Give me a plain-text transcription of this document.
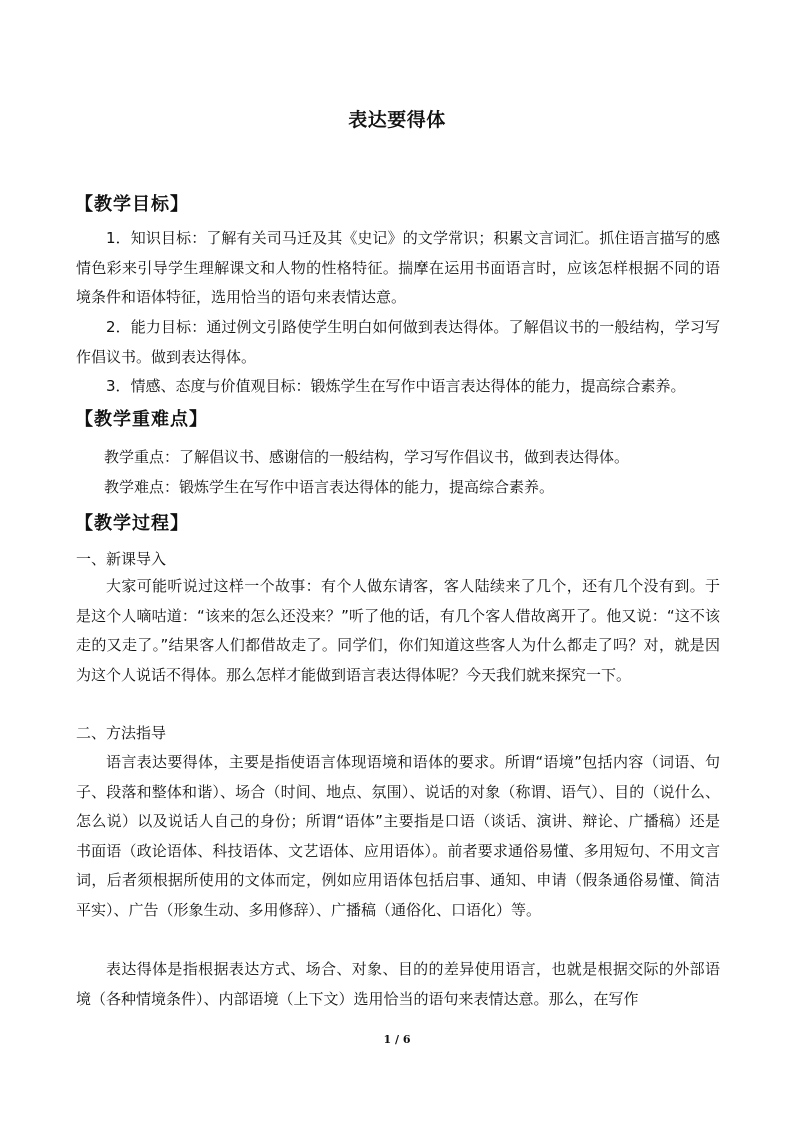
表达要得体
【教学目标】

1．知识目标：了解有关司马迁及其《史记》的文学常识；积累文言词汇。抓住语言描写的感情色彩来引导学生理解课文和人物的性格特征。揣摩在运用书面语言时，应该怎样根据不同的语境条件和语体特征，选用恰当的语句来表情达意。

2．能力目标：通过例文引路使学生明白如何做到表达得体。了解倡议书的一般结构，学习写作倡议书。做到表达得体。

3．情感、态度与价值观目标：锻炼学生在写作中语言表达得体的能力，提高综合素养。

【教学重难点】

教学重点：了解倡议书、感谢信的一般结构，学习写作倡议书，做到表达得体。

教学难点：锻炼学生在写作中语言表达得体的能力，提高综合素养。

【教学过程】
一、新课导入

大家可能听说过这样一个故事：有个人做东请客，客人陆续来了几个，还有几个没有到。于是这个人嘀咕道：“该来的怎么还没来？”听了他的话，有几个客人借故离开了。他又说：“这不该走的又走了。”结果客人们都借故走了。同学们，你们知道这些客人为什么都走了吗？对，就是因为这个人说话不得体。那么怎样才能做到语言表达得体呢？今天我们就来探究一下。

二、方法指导

语言表达要得体，主要是指使语言体现语境和语体的要求。所谓“语境”包括内容（词语、句子、段落和整体和谐）、场合（时间、地点、氛围）、说话的对象（称谓、语气）、目的（说什么、怎么说）以及说话人自己的身份；所谓“语体”主要指是口语（谈话、演讲、辩论、广播稿）还是书面语（政论语体、科技语体、文艺语体、应用语体）。前者要求通俗易懂、多用短句、不用文言词，后者须根据所使用的文体而定，例如应用语体包括启事、通知、申请（假条通俗易懂、简洁平实）、广告（形象生动、多用修辞）、广播稿（通俗化、口语化）等。

表达得体是指根据表达方式、场合、对象、目的的差异使用语言，也就是根据交际的外部语境（各种情境条件）、内部语境（上下文）选用恰当的语句来表情达意。那么，在写作

1 / 6
